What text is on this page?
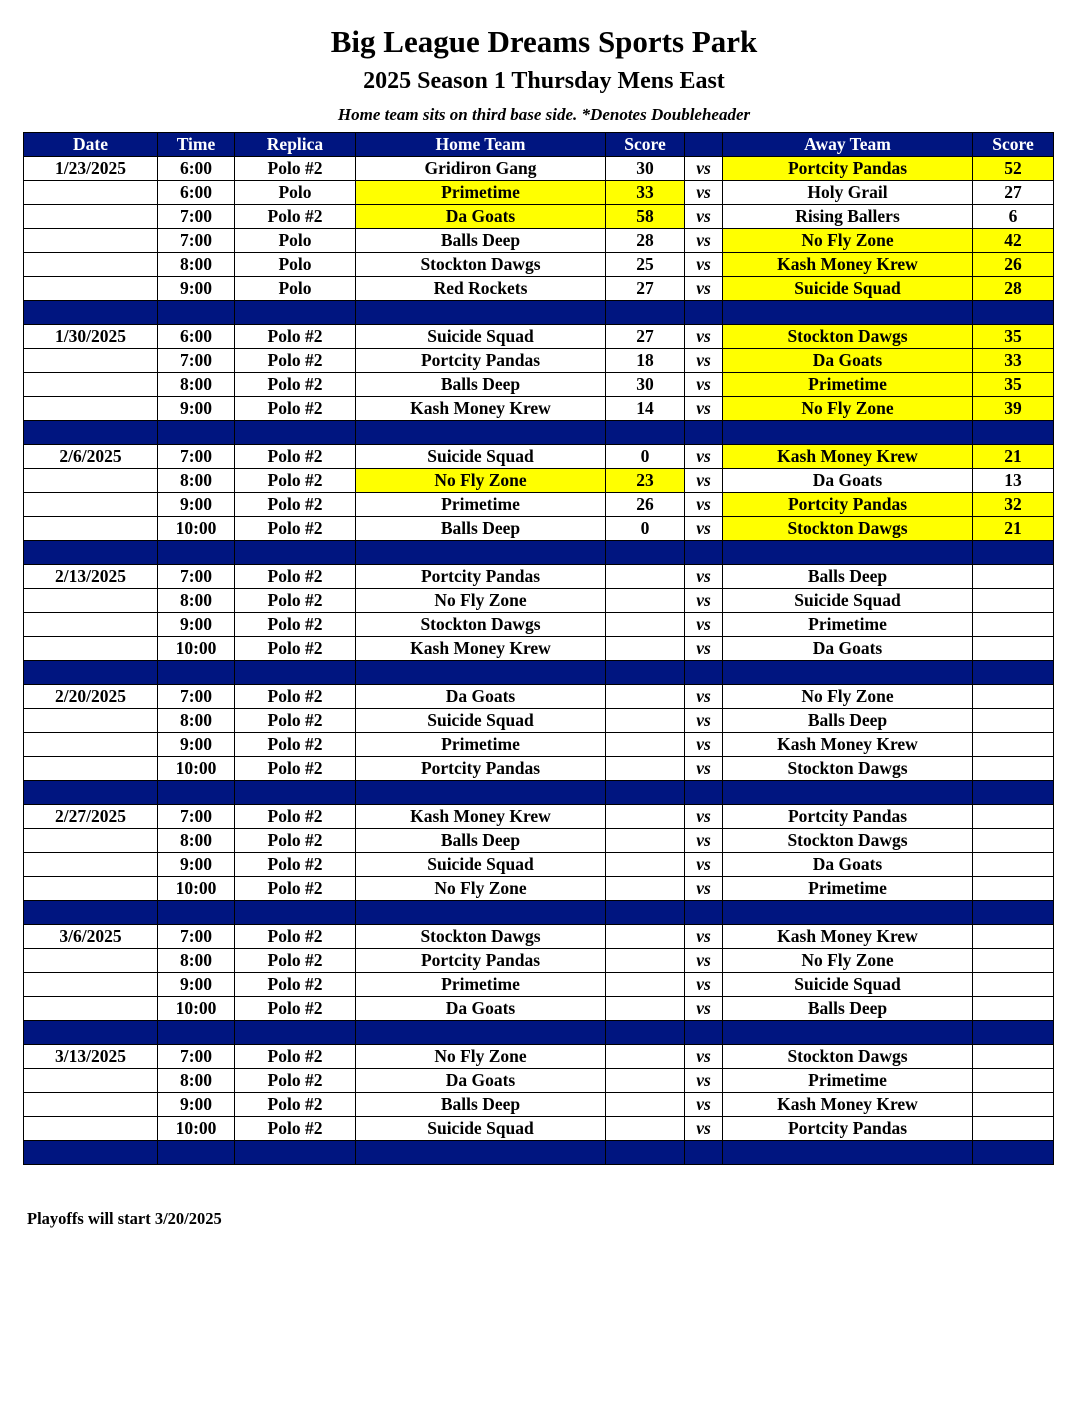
Big League Dreams Sports Park
2025 Season 1 Thursday Mens East
Home team sits on third base side. *Denotes Doubleheader
Date	Time	Replica	Home Team	Score		Away Team	Score
1/23/2025	6:00	Polo #2	Gridiron Gang	30	vs	Portcity Pandas	52
	6:00	Polo	Primetime	33	vs	Holy Grail	27
	7:00	Polo #2	Da Goats	58	vs	Rising Ballers	6
	7:00	Polo	Balls Deep	28	vs	No Fly Zone	42
	8:00	Polo	Stockton Dawgs	25	vs	Kash Money Krew	26
	9:00	Polo	Red Rockets	27	vs	Suicide Squad	28

1/30/2025	6:00	Polo #2	Suicide Squad	27	vs	Stockton Dawgs	35
	7:00	Polo #2	Portcity Pandas	18	vs	Da Goats	33
	8:00	Polo #2	Balls Deep	30	vs	Primetime	35
	9:00	Polo #2	Kash Money Krew	14	vs	No Fly Zone	39

2/6/2025	7:00	Polo #2	Suicide Squad	0	vs	Kash Money Krew	21
	8:00	Polo #2	No Fly Zone	23	vs	Da Goats	13
	9:00	Polo #2	Primetime	26	vs	Portcity Pandas	32
	10:00	Polo #2	Balls Deep	0	vs	Stockton Dawgs	21

2/13/2025	7:00	Polo #2	Portcity Pandas		vs	Balls Deep	
	8:00	Polo #2	No Fly Zone		vs	Suicide Squad	
	9:00	Polo #2	Stockton Dawgs		vs	Primetime	
	10:00	Polo #2	Kash Money Krew		vs	Da Goats	

2/20/2025	7:00	Polo #2	Da Goats		vs	No Fly Zone	
	8:00	Polo #2	Suicide Squad		vs	Balls Deep	
	9:00	Polo #2	Primetime		vs	Kash Money Krew	
	10:00	Polo #2	Portcity Pandas		vs	Stockton Dawgs	

2/27/2025	7:00	Polo #2	Kash Money Krew		vs	Portcity Pandas	
	8:00	Polo #2	Balls Deep		vs	Stockton Dawgs	
	9:00	Polo #2	Suicide Squad		vs	Da Goats	
	10:00	Polo #2	No Fly Zone		vs	Primetime	

3/6/2025	7:00	Polo #2	Stockton Dawgs		vs	Kash Money Krew	
	8:00	Polo #2	Portcity Pandas		vs	No Fly Zone	
	9:00	Polo #2	Primetime		vs	Suicide Squad	
	10:00	Polo #2	Da Goats		vs	Balls Deep	

3/13/2025	7:00	Polo #2	No Fly Zone		vs	Stockton Dawgs	
	8:00	Polo #2	Da Goats		vs	Primetime	
	9:00	Polo #2	Balls Deep		vs	Kash Money Krew	
	10:00	Polo #2	Suicide Squad		vs	Portcity Pandas	

Playoffs will start 3/20/2025
